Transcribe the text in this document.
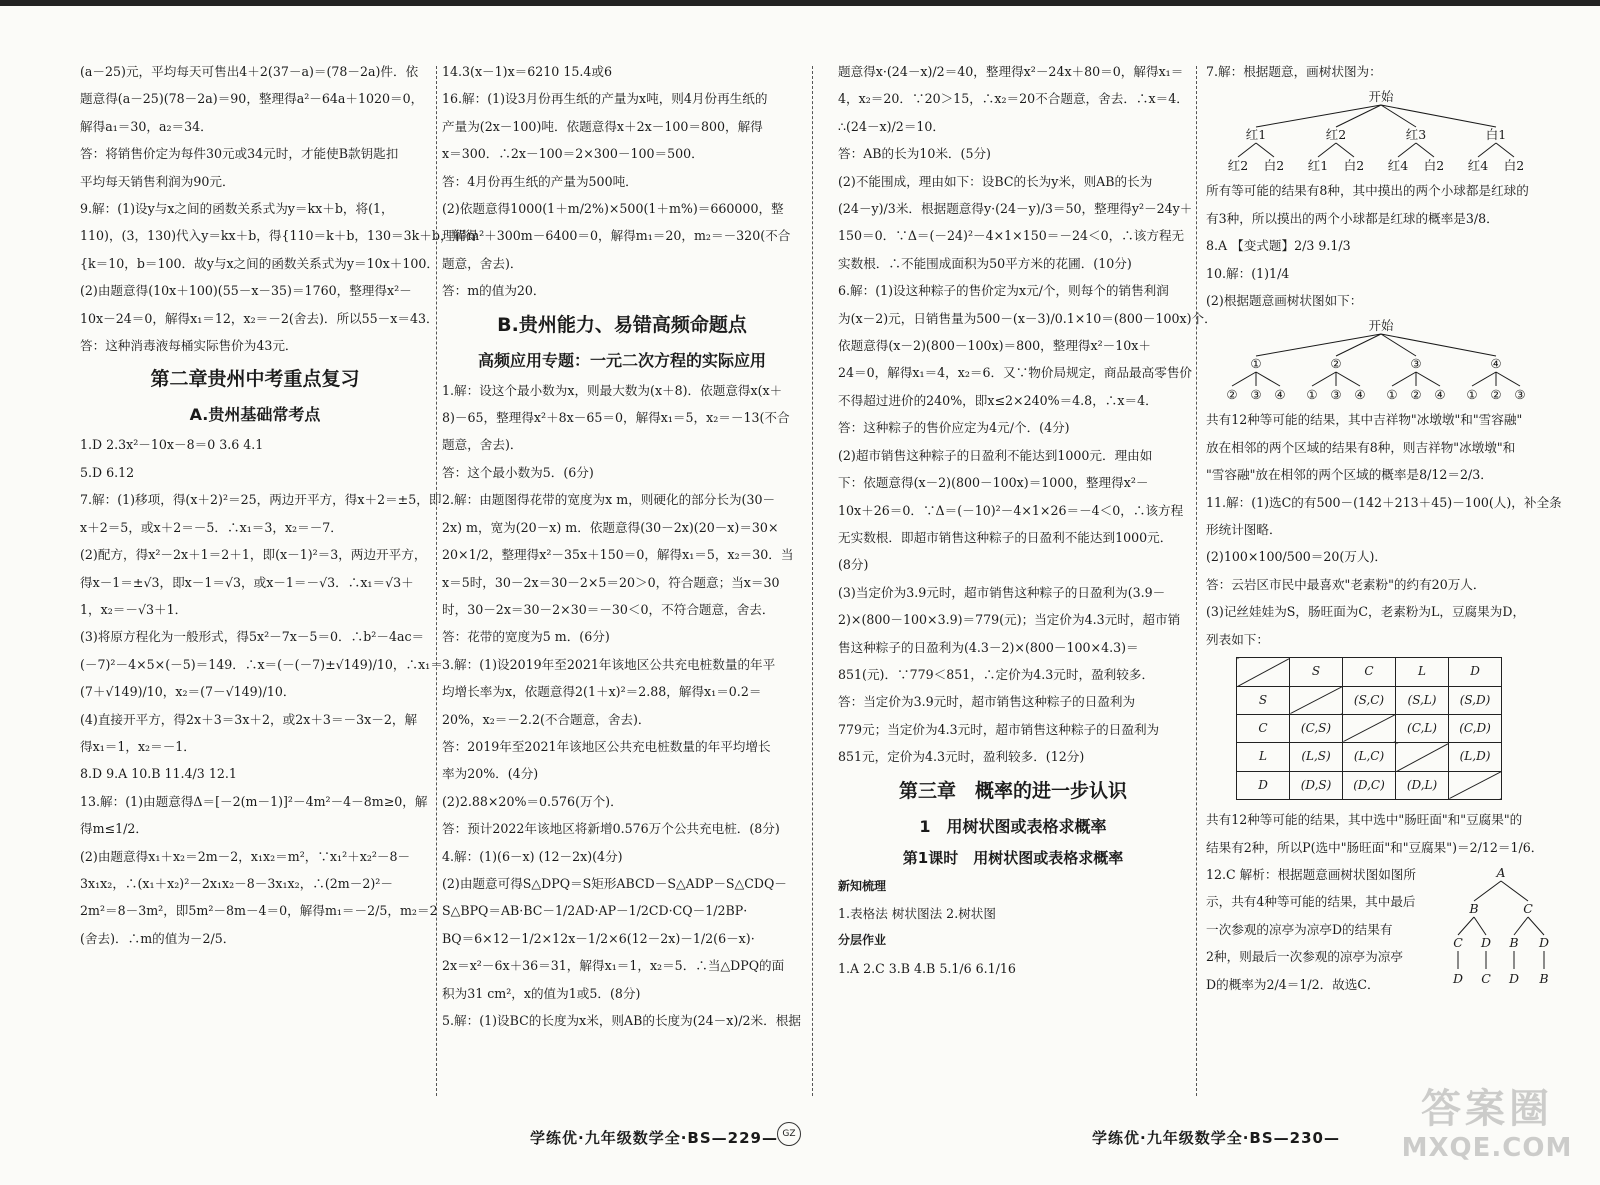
(a－25)元，平均每天可售出4＋2(37－a)＝(78－2a)件．依
题意得(a－25)(78－2a)＝90，整理得a²－64a＋1020＝0，
解得a₁＝30，a₂＝34．
答：将销售价定为每件30元或34元时，才能使B款钥匙扣
平均每天销售利润为90元．
9.解：(1)设y与x之间的函数关系式为y＝kx＋b，将(1，
110)，(3，130)代入y＝kx＋b，得{110＝k＋b，130＝3k＋b，解得
{k＝10，b＝100．故y与x之间的函数关系式为y＝10x＋100．
(2)由题意得(10x＋100)(55－x－35)＝1760，整理得x²－
10x－24＝0，解得x₁＝12，x₂＝－2(舍去)．所以55－x＝43．
答：这种消毒液每桶实际售价为43元．
第二章贵州中考重点复习
A.贵州基础常考点
1.D 2.3x²－10x－8＝0 3.6 4.1
5.D 6.12
7.解：(1)移项，得(x＋2)²＝25，两边开平方，得x＋2＝±5，即
x＋2＝5，或x＋2＝－5．∴x₁＝3，x₂＝－7．
(2)配方，得x²－2x＋1＝2＋1，即(x－1)²＝3，两边开平方，
得x－1＝±√3，即x－1＝√3，或x－1＝－√3．∴x₁＝√3＋
1，x₂＝－√3＋1．
(3)将原方程化为一般形式，得5x²－7x－5＝0．∴b²－4ac＝
(－7)²－4×5×(－5)＝149．∴x＝(－(－7)±√149)/10，∴x₁＝
(7＋√149)/10，x₂＝(7－√149)/10．
(4)直接开平方，得2x＋3＝3x＋2，或2x＋3＝－3x－2，解
得x₁＝1，x₂＝－1．
8.D 9.A 10.B 11.4/3 12.1
13.解：(1)由题意得Δ＝[－2(m－1)]²－4m²－4－8m≥0，解
得m≤1/2．
(2)由题意得x₁＋x₂＝2m－2，x₁x₂＝m²，∵x₁²＋x₂²－8－
3x₁x₂，∴(x₁＋x₂)²－2x₁x₂－8－3x₁x₂，∴(2m－2)²－
2m²＝8－3m²，即5m²－8m－4＝0，解得m₁＝－2/5，m₂＝2
(舍去)．∴m的值为－2/5．
14.3(x－1)x＝6210 15.4或6
16.解：(1)设3月份再生纸的产量为x吨，则4月份再生纸的
产量为(2x－100)吨．依题意得x＋2x－100＝800，解得
x＝300．∴2x－100＝2×300－100＝500．
答：4月份再生纸的产量为500吨．
(2)依题意得1000(1＋m/2%)×500(1＋m%)＝660000，整
理得m²＋300m－6400＝0，解得m₁＝20，m₂＝－320(不合
题意，舍去)．
答：m的值为20．
B.贵州能力、易错高频命题点
高频应用专题：一元二次方程的实际应用
1.解：设这个最小数为x，则最大数为(x＋8)．依题意得x(x＋
8)－65，整理得x²＋8x－65＝0，解得x₁＝5，x₂＝－13(不合
题意，舍去)．
答：这个最小数为5．(6分)
2.解：由题图得花带的宽度为x m，则硬化的部分长为(30－
2x) m，宽为(20－x) m．依题意得(30－2x)(20－x)＝30×
20×1/2，整理得x²－35x＋150＝0，解得x₁＝5，x₂＝30．当
x＝5时，30－2x＝30－2×5＝20＞0，符合题意；当x＝30
时，30－2x＝30－2×30＝－30＜0，不符合题意，舍去．
答：花带的宽度为5 m．(6分)
3.解：(1)设2019年至2021年该地区公共充电桩数量的年平
均增长率为x，依题意得2(1＋x)²＝2.88，解得x₁＝0.2＝
20%，x₂＝－2.2(不合题意，舍去)．
答：2019年至2021年该地区公共充电桩数量的年平均增长
率为20%．(4分)
(2)2.88×20%＝0.576(万个)．
答：预计2022年该地区将新增0.576万个公共充电桩．(8分)
4.解：(1)(6－x) (12－2x)(4分)
(2)由题意可得S△DPQ＝S矩形ABCD－S△ADP－S△CDQ－
S△BPQ＝AB·BC－1/2AD·AP－1/2CD·CQ－1/2BP·
BQ＝6×12－1/2×12x－1/2×6(12－2x)－1/2(6－x)·
2x＝x²－6x＋36＝31，解得x₁＝1，x₂＝5．∴当△DPQ的面
积为31 cm²，x的值为1或5．(8分)
5.解：(1)设BC的长度为x米，则AB的长度为(24－x)/2米．根据
题意得x·(24－x)/2＝40，整理得x²－24x＋80＝0，解得x₁＝
4，x₂＝20．∵20＞15，∴x₂＝20不合题意，舍去．∴x＝4．
∴(24－x)/2＝10．
答：AB的长为10米．(5分)
(2)不能围成，理由如下：设BC的长为y米，则AB的长为
(24－y)/3米．根据题意得y·(24－y)/3＝50，整理得y²－24y＋
150＝0．∵Δ＝(－24)²－4×1×150＝－24＜0，∴该方程无
实数根．∴不能围成面积为50平方米的花圃．(10分)
6.解：(1)设这种粽子的售价定为x元/个，则每个的销售利润
为(x－2)元，日销售量为500－(x－3)/0.1×10＝(800－100x)个．
依题意得(x－2)(800－100x)＝800，整理得x²－10x＋
24＝0，解得x₁＝4，x₂＝6．又∵物价局规定，商品最高零售价
不得超过进价的240%，即x≤2×240%＝4.8，∴x＝4．
答：这种粽子的售价应定为4元/个．(4分)
(2)超市销售这种粽子的日盈利不能达到1000元．理由如
下：依题意得(x－2)(800－100x)＝1000，整理得x²－
10x＋26＝0．∵Δ＝(－10)²－4×1×26＝－4＜0，∴该方程
无实数根．即超市销售这种粽子的日盈利不能达到1000元．
(8分)
(3)当定价为3.9元时，超市销售这种粽子的日盈利为(3.9－
2)×(800－100×3.9)＝779(元)；当定价为4.3元时，超市销
售这种粽子的日盈利为(4.3－2)×(800－100×4.3)＝
851(元)．∵779＜851，∴定价为4.3元时，盈利较多．
答：当定价为3.9元时，超市销售这种粽子的日盈利为
779元；当定价为4.3元时，超市销售这种粽子的日盈利为
851元，定价为4.3元时，盈利较多．(12分)
第三章　概率的进一步认识
1　用树状图或表格求概率
第1课时　用树状图或表格求概率
新知梳理
1.表格法 树状图法 2.树状图
分层作业
1.A 2.C 3.B 4.B 5.1/6 6.1/16
7.解：根据题意，画树状图为：
开始
红1	红2	红3	白1
红2 白2 红1 白2 红4 白2 红4 白2
所有等可能的结果有8种，其中摸出的两个小球都是红球的
有3种，所以摸出的两个小球都是红球的概率是3/8．
8.A 【变式题】2/3 9.1/3
10.解：(1)1/4
(2)根据题意画树状图如下：
开始
①	②	③	④
② ③ ④ ① ③ ④ ① ② ④ ① ② ③
共有12种等可能的结果，其中吉祥物"冰墩墩"和"雪容融"
放在相邻的两个区域的结果有8种，则吉祥物"冰墩墩"和
"雪容融"放在相邻的两个区域的概率是8/12＝2/3．
11.解：(1)选C的有500－(142＋213＋45)－100(人)，补全条
形统计图略．
(2)100×100/500＝20(万人)．
答：云岩区市民中最喜欢"老素粉"的约有20万人．
(3)记丝娃娃为S，肠旺面为C，老素粉为L，豆腐果为D，
列表如下：
	S	C	L	D
S		(S,C)	(S,L)	(S,D)
C	(C,S)		(C,L)	(C,D)
L	(L,S)	(L,C)		(L,D)
D	(D,S)	(D,C)	(D,L)	
共有12种等可能的结果，其中选中"肠旺面"和"豆腐果"的
结果有2种，所以P(选中"肠旺面"和"豆腐果")＝2/12＝1/6．
12.C 解析：根据题意画树状图如图所
示，共有4种等可能的结果，其中最后
一次参观的凉亭为凉亭D的结果有
2种，则最后一次参观的凉亭为凉亭
D的概率为2/4＝1/2．故选C．
A
B	C
C D B D
D C D B
学练优·九年级数学全·BS—229— GZ	学练优·九年级数学全·BS—230—
答案圈
MXQE.COM
